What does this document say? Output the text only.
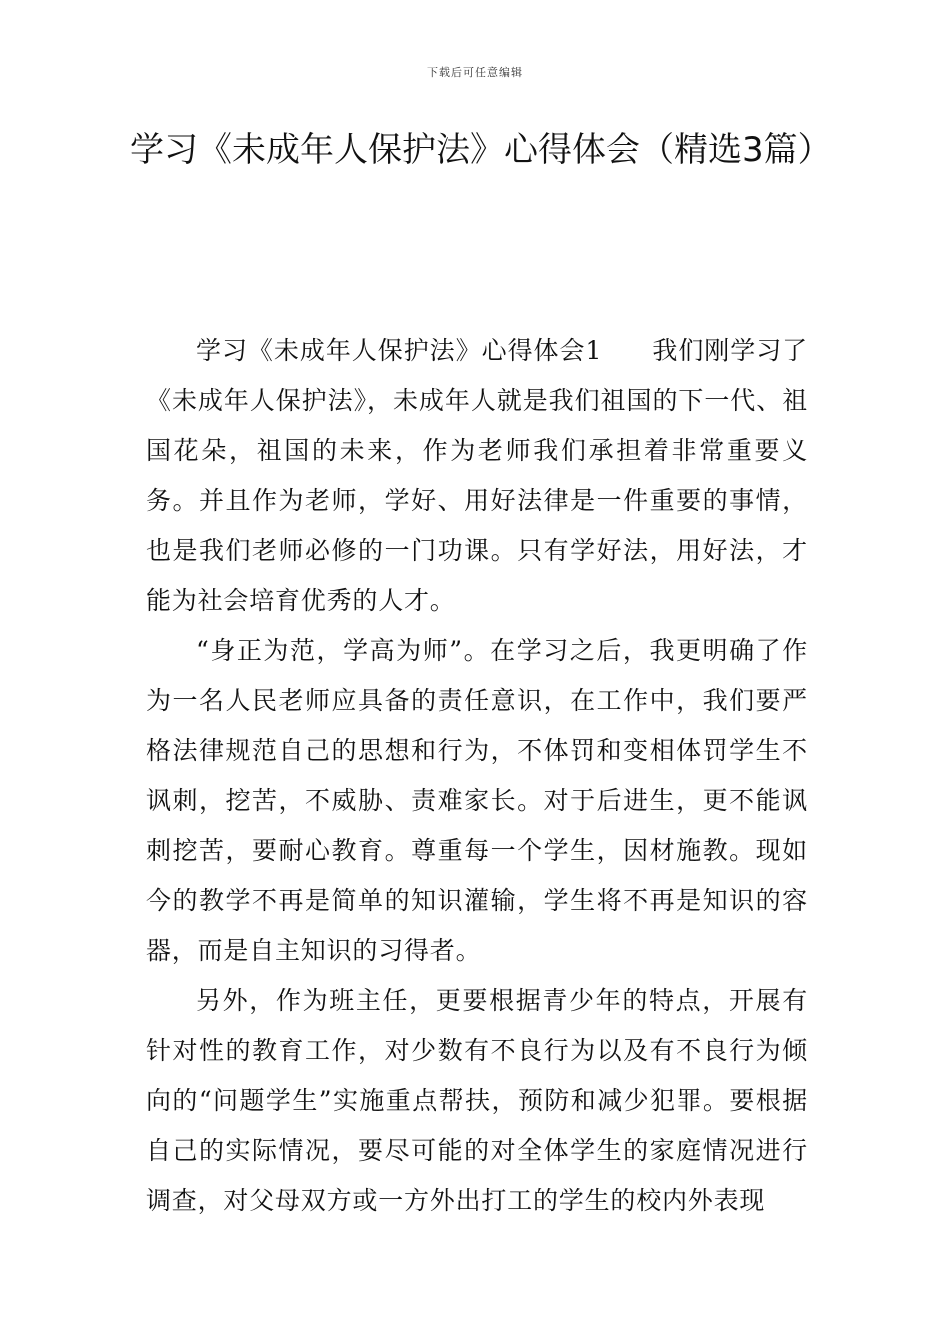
下载后可任意编辑
学习《未成年人保护法》心得体会（精选3篇）

学习《未成年人保护法》心得体会1 我们刚学习了《未成年人保护法》，未成年人就是我们祖国的下一代、祖国花朵，祖国的未来，作为老师我们承担着非常重要义务。并且作为老师，学好、用好法律是一件重要的事情，也是我们老师必修的一门功课。只有学好法，用好法，才能为社会培育优秀的人才。

“身正为范，学高为师”。在学习之后，我更明确了作为一名人民老师应具备的责任意识，在工作中，我们要严格法律规范自己的思想和行为，不体罚和变相体罚学生不讽刺，挖苦，不威胁、责难家长。对于后进生，更不能讽刺挖苦，要耐心教育。尊重每一个学生，因材施教。现如今的教学不再是简单的知识灌输，学生将不再是知识的容器，而是自主知识的习得者。

另外，作为班主任，更要根据青少年的特点，开展有针对性的教育工作，对少数有不良行为以及有不良行为倾向的“问题学生”实施重点帮扶，预防和减少犯罪。要根据自己的实际情况，要尽可能的对全体学生的家庭情况进行调查，对父母双方或一方外出打工的学生的校内外表现
